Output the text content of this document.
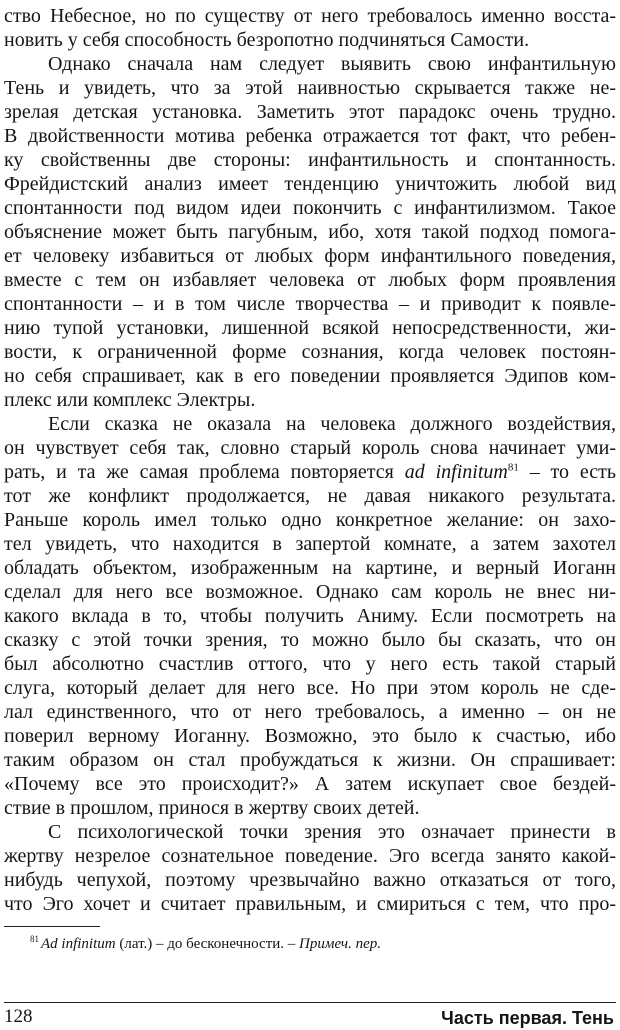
ство Небесное, но по существу от него требовалось именно восста-
новить у себя способность безропотно подчиняться Самости.
Однако сначала нам следует выявить свою инфантильную
Тень и увидеть, что за этой наивностью скрывается также не-
зрелая детская установка. Заметить этот парадокс очень трудно.
В двойственности мотива ребенка отражается тот факт, что ребен-
ку свойственны две стороны: инфантильность и спонтанность.
Фрейдистский анализ имеет тенденцию уничтожить любой вид
спонтанности под видом идеи покончить с инфантилизмом. Такое
объяснение может быть пагубным, ибо, хотя такой подход помога-
ет человеку избавиться от любых форм инфантильного поведения,
вместе с тем он избавляет человека от любых форм проявления
спонтанности – и в том числе творчества – и приводит к появле-
нию тупой установки, лишенной всякой непосредственности, жи-
вости, к ограниченной форме сознания, когда человек постоян-
но себя спрашивает, как в его поведении проявляется Эдипов ком-
плекс или комплекс Электры.
Если сказка не оказала на человека должного воздействия,
он чувствует себя так, словно старый король снова начинает уми-
рать, и та же самая проблема повторяется ad infinitum$^{81}$ – то есть
тот же конфликт продолжается, не давая никакого результата.
Раньше король имел только одно конкретное желание: он захо-
тел увидеть, что находится в запертой комнате, а затем захотел
обладать объектом, изображенным на картине, и верный Иоганн
сделал для него все возможное. Однако сам король не внес ни-
какого вклада в то, чтобы получить Аниму. Если посмотреть на
сказку с этой точки зрения, то можно было бы сказать, что он
был абсолютно счастлив оттого, что у него есть такой старый
слуга, который делает для него все. Но при этом король не сде-
лал единственного, что от него требовалось, а именно – он не
поверил верному Иоганну. Возможно, это было к счастью, ибо
таким образом он стал пробуждаться к жизни. Он спрашивает:
«Почему все это происходит?» А затем искупает свое бездей-
ствие в прошлом, принося в жертву своих детей.
С психологической точки зрения это означает принести в
жертву незрелое сознательное поведение. Эго всегда занято какой-
нибудь чепухой, поэтому чрезвычайно важно отказаться от того,
что Эго хочет и считает правильным, и смириться с тем, что про-
$^{81}$ Ad infinitum (лат.) – до бесконечности. – Примеч. пер.
128	Часть первая. Тень
